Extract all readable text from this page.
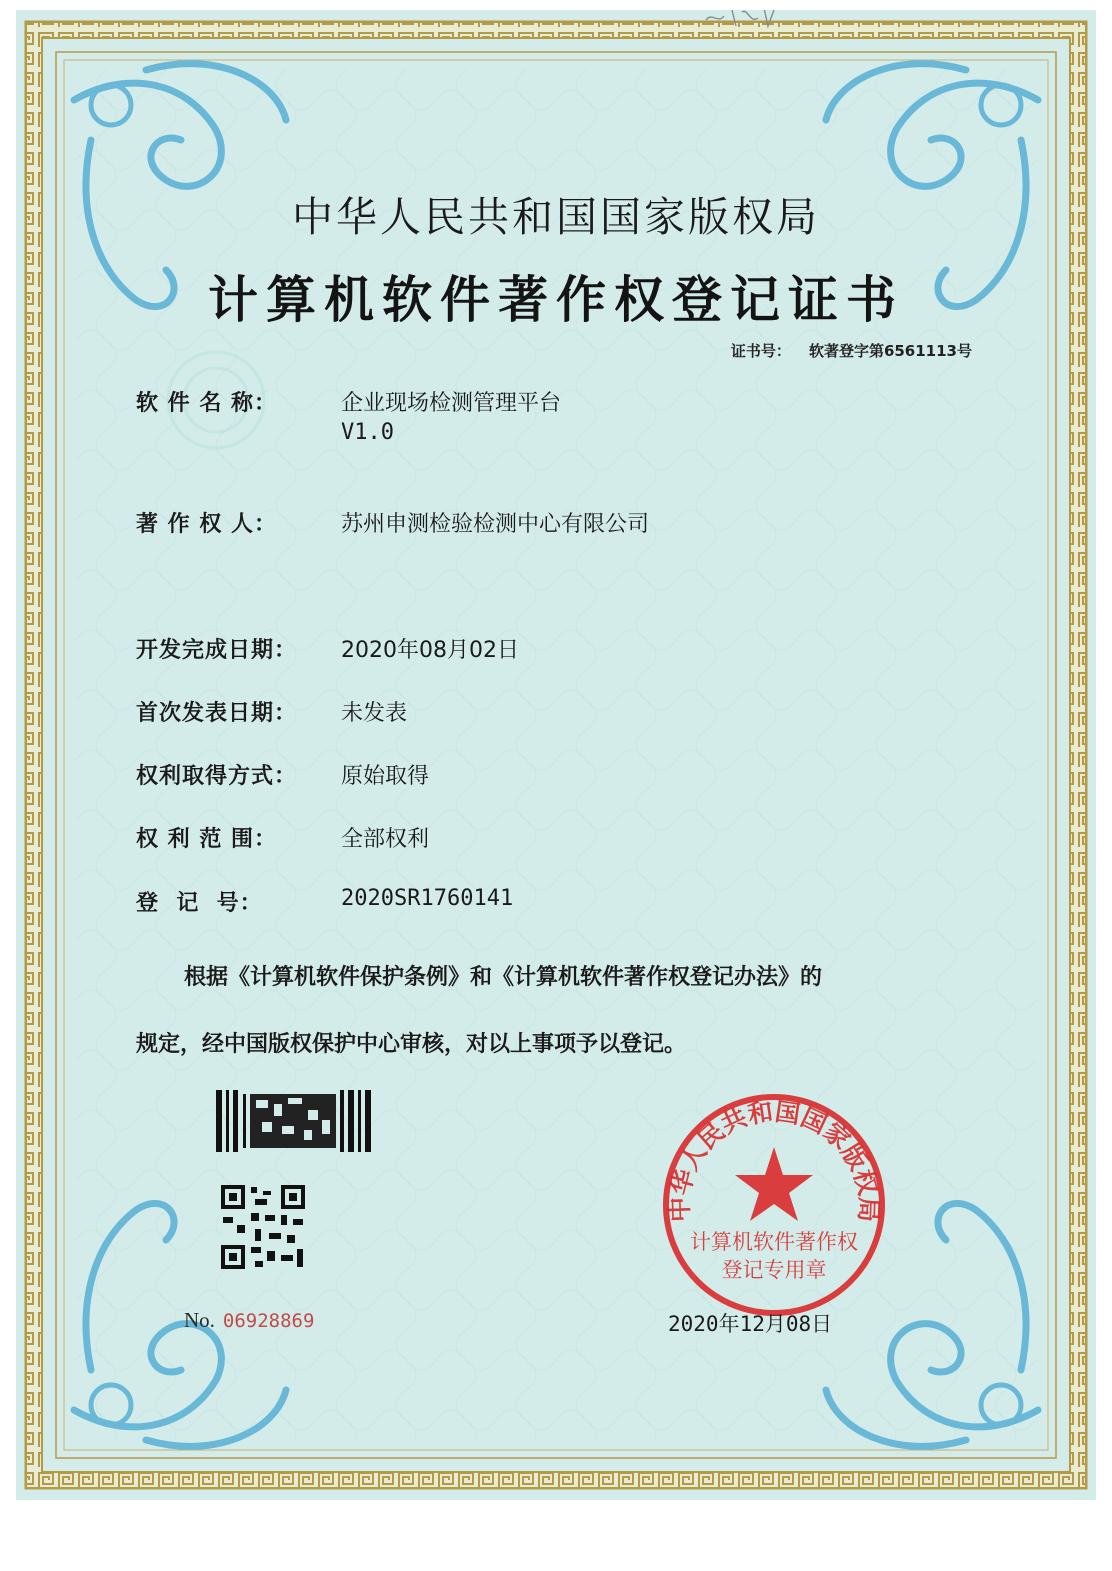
中华人民共和国国家版权局
计算机软件著作权
登记专用章
中华人民共和国国家版权局
计算机软件著作权登记证书
证书号： 软著登字第6561113号
软 件 名 称：	企业现场检测管理平台
V1.0
著 作 权 人：	苏州申测检验检测中心有限公司
开发完成日期：	2020年08月02日
首次发表日期：	未发表
权利取得方式：	原始取得
权 利 范 围：	全部权利
登  记  号：	2020SR1760141
根据《计算机软件保护条例》和《计算机软件著作权登记办法》的
规定，经中国版权保护中心审核，对以上事项予以登记。
No. 06928869	2020年12月08日
